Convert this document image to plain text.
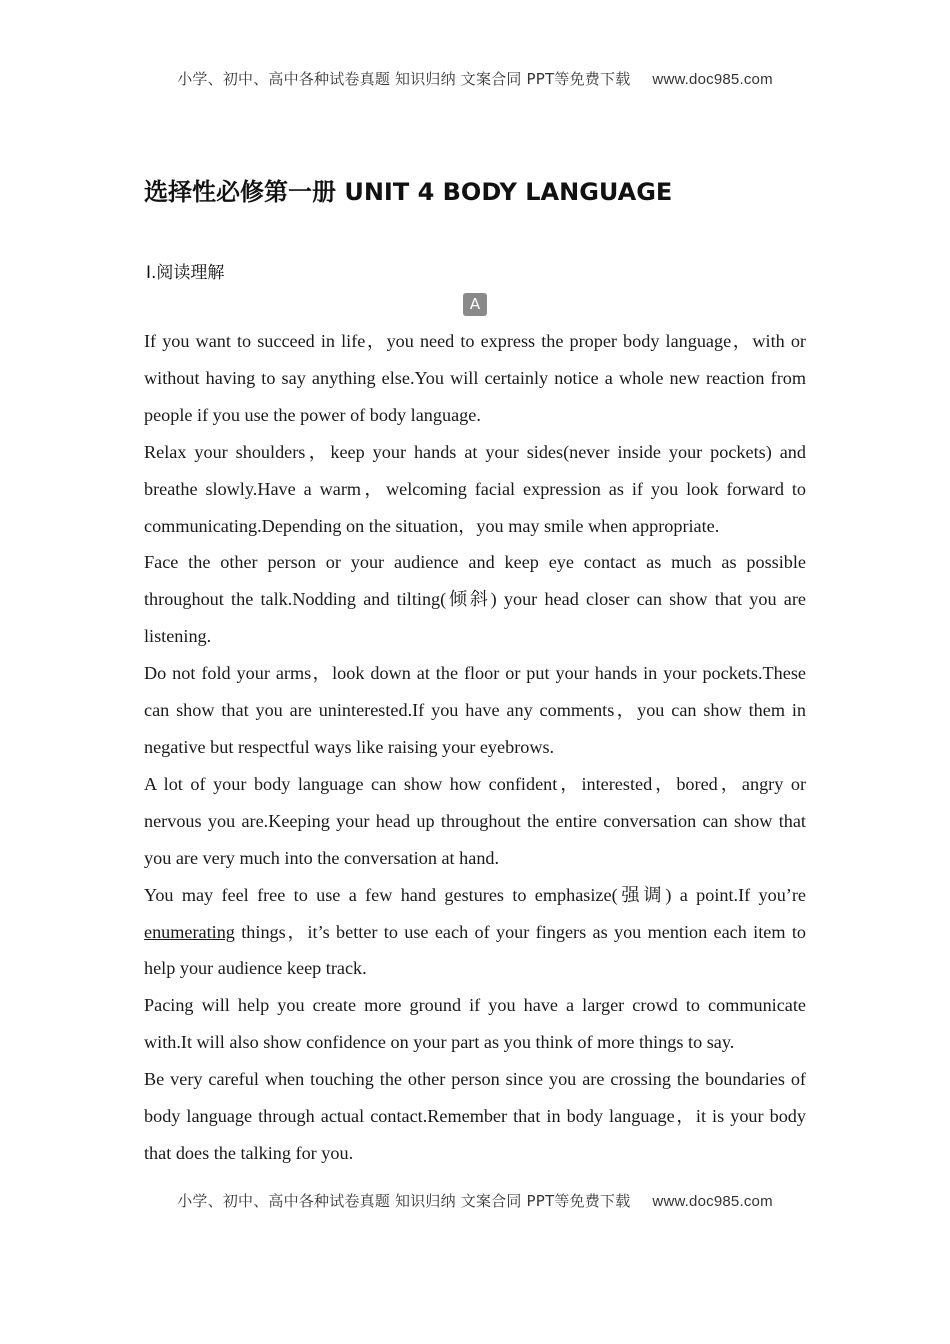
小学、初中、高中各种试卷真题 知识归纳 文案合同 PPT等免费下载 www.doc985.com
选择性必修第一册 UNIT 4 BODY LANGUAGE
Ⅰ.阅读理解
A

If you want to succeed in life，you need to express the proper body language，with or without having to say anything else.You will certainly notice a whole new reaction from people if you use the power of body language.

Relax your shoulders，keep your hands at your sides(never inside your pockets) and breathe slowly.Have a warm，welcoming facial expression as if you look forward to communicating.Depending on the situation，you may smile when appropriate.

Face the other person or your audience and keep eye contact as much as possible throughout the talk.Nodding and tilting(倾斜) your head closer can show that you are listening.

Do not fold your arms，look down at the floor or put your hands in your pockets.These can show that you are uninterested.If you have any comments，you can show them in negative but respectful ways like raising your eyebrows.

A lot of your body language can show how confident，interested，bored，angry or nervous you are.Keeping your head up throughout the entire conversation can show that you are very much into the conversation at hand.

You may feel free to use a few hand gestures to emphasize(强调) a point.If you’re enumerating things，it’s better to use each of your fingers as you mention each item to help your audience keep track.

Pacing will help you create more ground if you have a larger crowd to communicate with.It will also show confidence on your part as you think of more things to say.

Be very careful when touching the other person since you are crossing the boundaries of body language through actual contact.Remember that in body language，it is your body that does the talking for you.

小学、初中、高中各种试卷真题 知识归纳 文案合同 PPT等免费下载 www.doc985.com
